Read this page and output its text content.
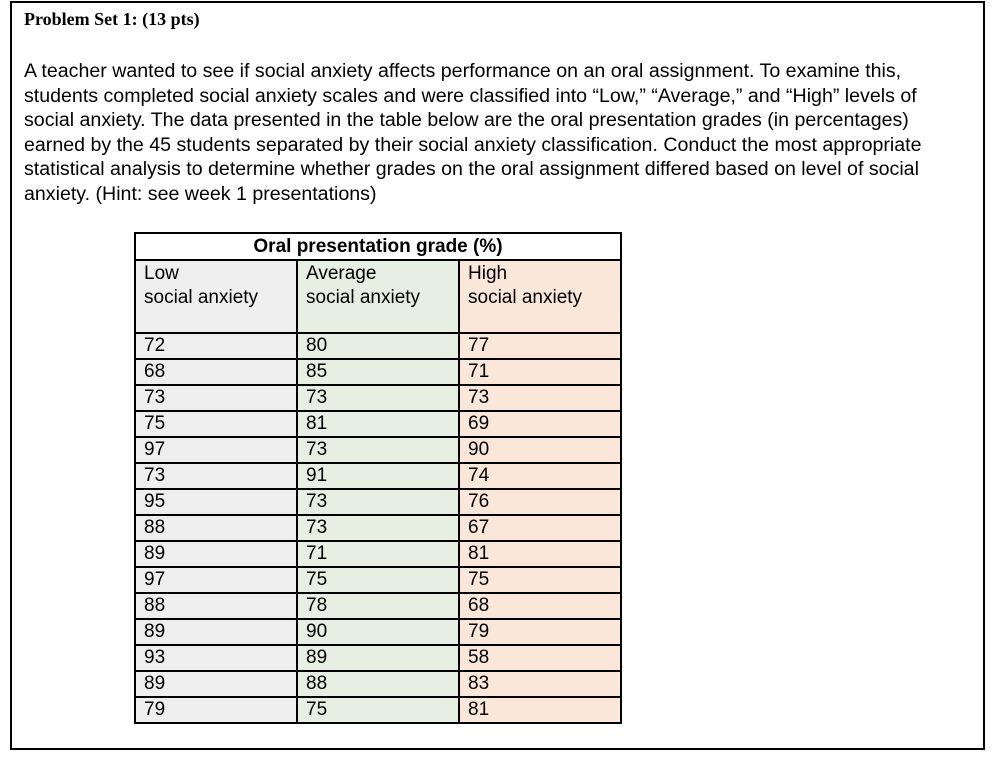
Problem Set 1: (13 pts)

A teacher wanted to see if social anxiety affects performance on an oral assignment. To examine this, students completed social anxiety scales and were classified into “Low,” “Average,” and “High” levels of social anxiety. The data presented in the table below are the oral presentation grades (in percentages) earned by the 45 students separated by their social anxiety classification. Conduct the most appropriate statistical analysis to determine whether grades on the oral assignment differed based on level of social anxiety. (Hint: see week 1 presentations)

Oral presentation grade (%)		

Low
social anxiety	Average
social anxiety	High
social anxiety

72	80	77
68	85	71
73	73	73
75	81	69
97	73	90
73	91	74
95	73	76
88	73	67
89	71	81
97	75	75
88	78	68
89	90	79
93	89	58
89	88	83
79	75	81
